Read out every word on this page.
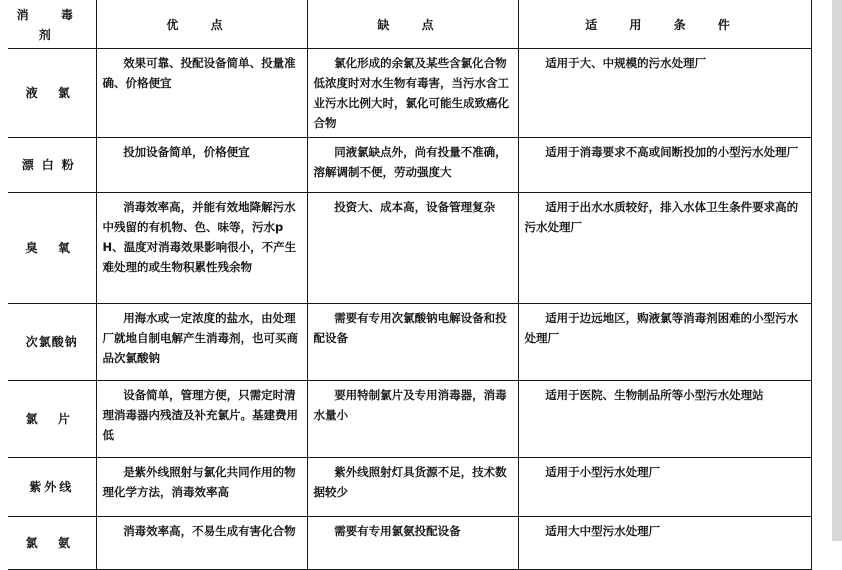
消 毒 剂	优 点	缺 点	适 用 条 件
液 氯	效果可靠、投配设备简单、投量准确、价格便宜	氯化形成的余氯及某些含氯化合物低浓度时对水生物有毒害，当污水含工业污水比例大时，氯化可能生成致癌化合物	适用于大、中规模的污水处理厂
漂白粉	投加设备简单，价格便宜	同液氯缺点外，尚有投量不准确，溶解调制不便，劳动强度大	适用于消毒要求不高或间断投加的小型污水处理厂
臭 氧	消毒效率高，并能有效地降解污水中残留的有机物、色、味等，污水pH、温度对消毒效果影响很小，不产生难处理的或生物积累性残余物	投资大、成本高，设备管理复杂	适用于出水水质较好，排入水体卫生条件要求高的污水处理厂
次氯酸钠	用海水或一定浓度的盐水，由处理厂就地自制电解产生消毒剂，也可买商品次氯酸钠	需要有专用次氯酸钠电解设备和投配设备	适用于边远地区，购液氯等消毒剂困难的小型污水处理厂
氯 片	设备简单，管理方便，只需定时清理消毒器内残渣及补充氯片。基建费用低	要用特制氯片及专用消毒器，消毒水量小	适用于医院、生物制品所等小型污水处理站
紫外线	是紫外线照射与氯化共同作用的物理化学方法，消毒效率高	紫外线照射灯具货源不足，技术数据较少	适用于小型污水处理厂
氯 氨	消毒效率高，不易生成有害化合物	需要有专用氯氨投配设备	适用大中型污水处理厂
